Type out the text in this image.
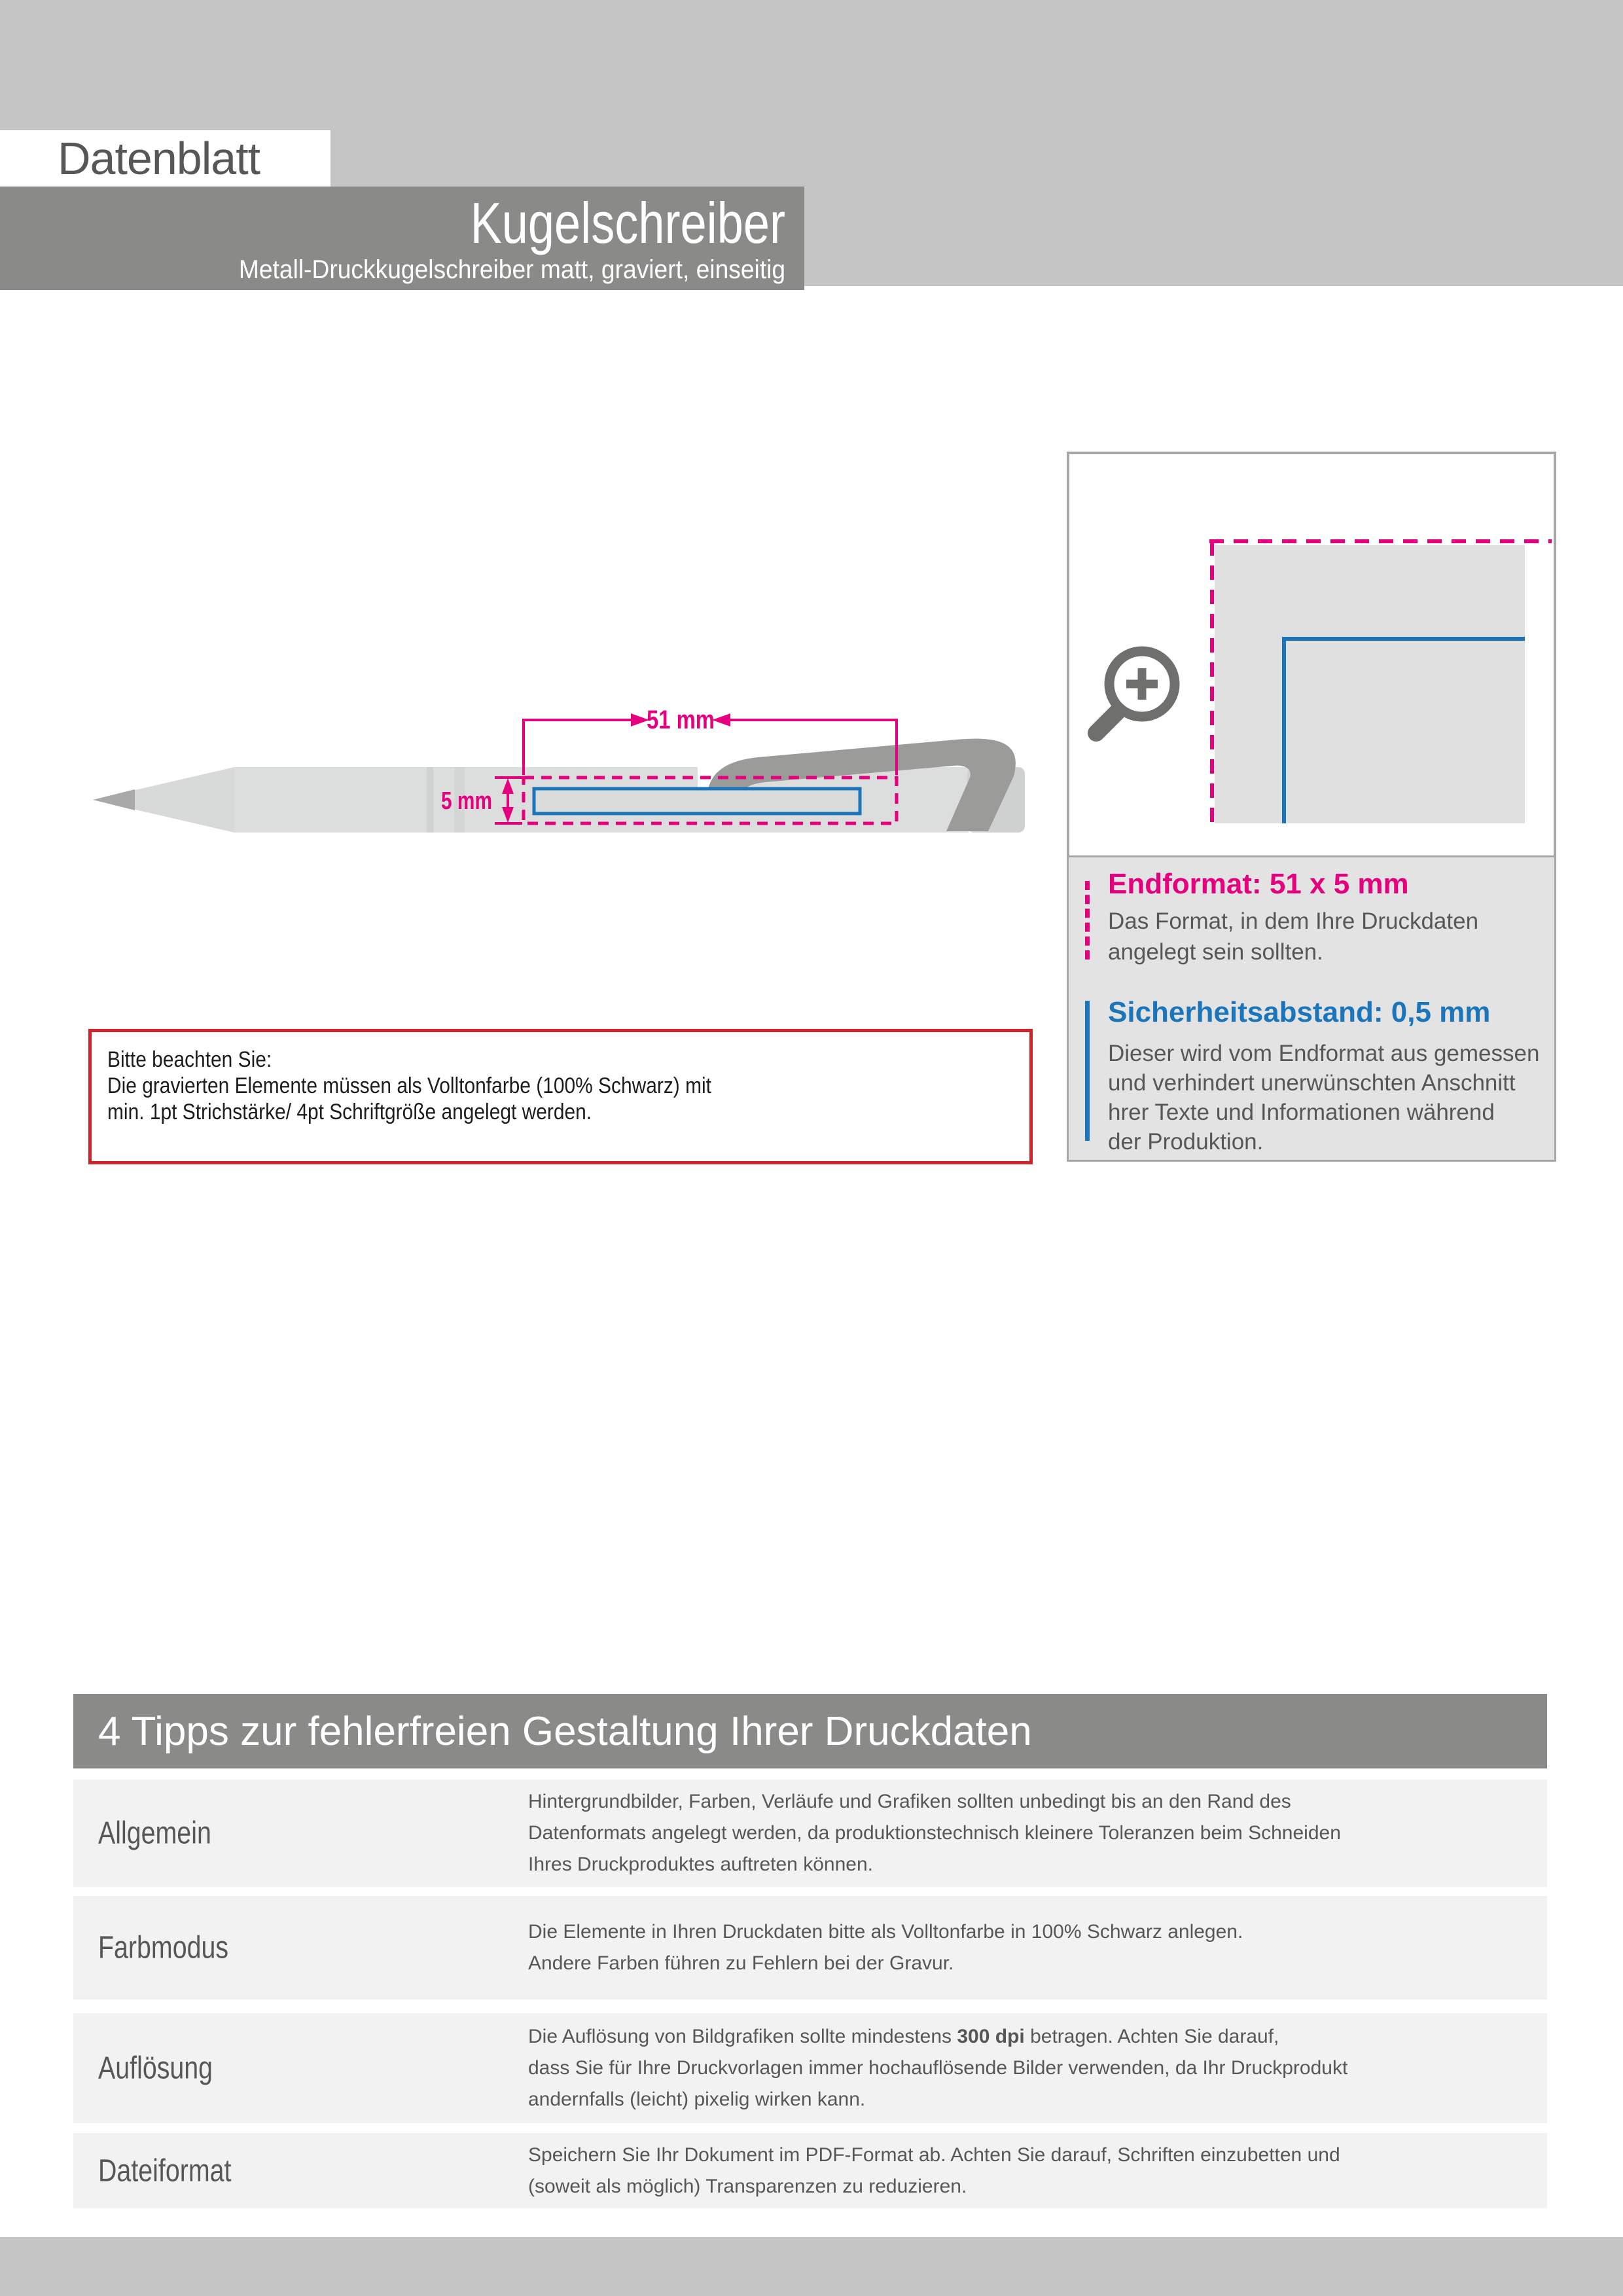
Datenblatt
Kugelschreiber
Metall-Druckkugelschreiber matt, graviert, einseitig
51 mm
5 mm
Endformat: 51 x 5 mm
Das Format, in dem Ihre Druckdaten
angelegt sein sollten.
Sicherheitsabstand: 0,5 mm
Dieser wird vom Endformat aus gemessen
und verhindert unerwünschten Anschnitt
hrer Texte und Informationen während
der Produktion.
Bitte beachten Sie:
Die gravierten Elemente müssen als Volltonfarbe (100% Schwarz) mit
min. 1pt Strichstärke/ 4pt Schriftgröße angelegt werden.
4 Tipps zur fehlerfreien Gestaltung Ihrer Druckdaten
Allgemein
Hintergrundbilder, Farben, Verläufe und Grafiken sollten unbedingt bis an den Rand des
Datenformats angelegt werden, da produktionstechnisch kleinere Toleranzen beim Schneiden
Ihres Druckproduktes auftreten können.
Farbmodus	Die Elemente in Ihren Druckdaten bitte als Volltonfarbe in 100% Schwarz anlegen.
Andere Farben führen zu Fehlern bei der Gravur.
Auflösung
Die Auflösung von Bildgrafiken sollte mindestens 300 dpi betragen. Achten Sie darauf,
dass Sie für Ihre Druckvorlagen immer hochauflösende Bilder verwenden, da Ihr Druckprodukt
andernfalls (leicht) pixelig wirken kann.
Dateiformat	Speichern Sie Ihr Dokument im PDF-Format ab. Achten Sie darauf, Schriften einzubetten und
(soweit als möglich) Transparenzen zu reduzieren.
